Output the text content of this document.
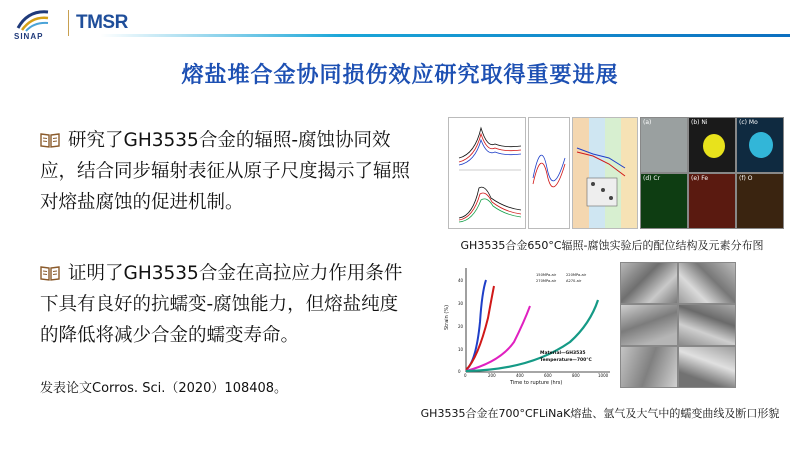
SINAP
TMSR
熔盐堆合金协同损伤效应研究取得重要进展
研究了GH3535合金的辐照-腐蚀协同效应，结合同步辐射表征从原子尺度揭示了辐照对熔盐腐蚀的促进机制。
证明了GH3535合金在高拉应力作用条件下具有良好的抗蠕变-腐蚀能力，但熔盐纯度的降低将减少合金的蠕变寿命。
发表论文Corros. Sci.（2020）108408。
(a)	(b) Ni	(c) Mo
(d) Cr	(e) Fe	(f) O
GH3535合金650°C辐照-腐蚀实验后的配位结构及元素分布图
Strain (%)
Time to rupture (hrs)
0	200	400	600	800	1000
0
10
20
30
40
150MPa-air
270MPa-air
220MPa-air
A270-air
Material—GH3535
Temperature—700°C
GH3535合金在700°CFLiNaK熔盐、氩气及大气中的蠕变曲线及断口形貌
